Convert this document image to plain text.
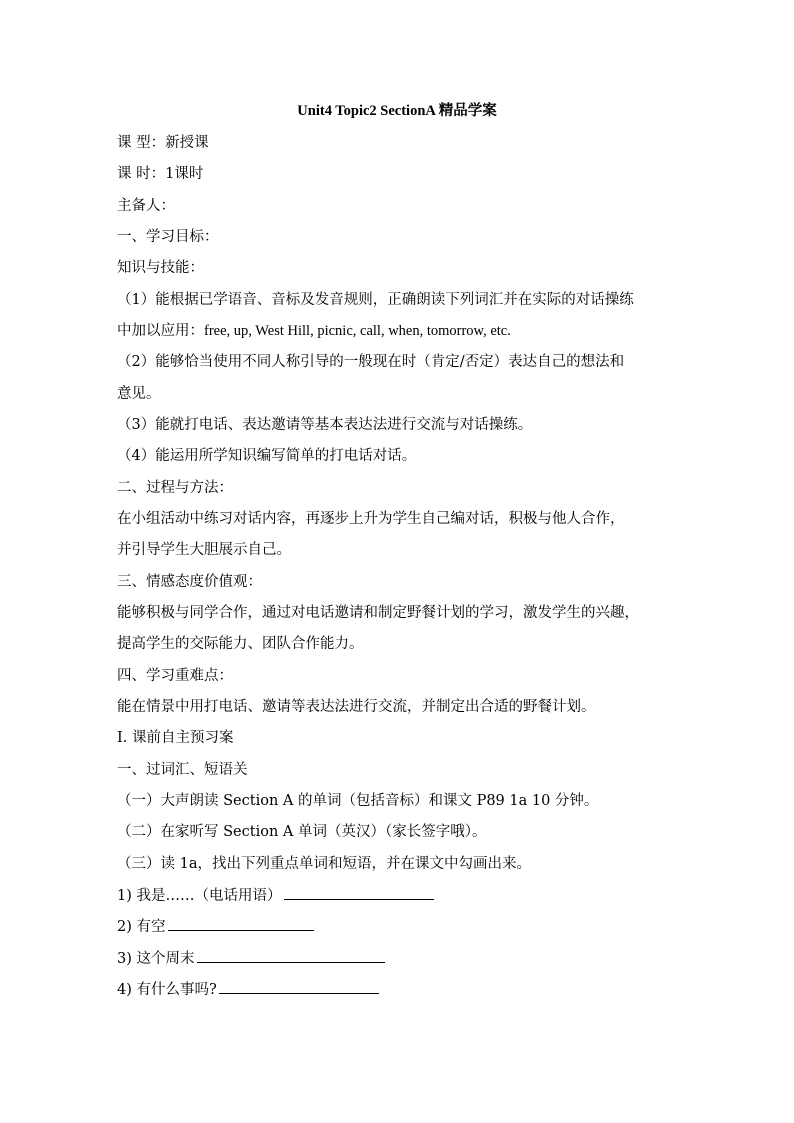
Unit4 Topic2 SectionA 精品学案
课 型：新授课
课 时：1课时
主备人：
一、学习目标：
知识与技能：
（1）能根据已学语音、音标及发音规则，正确朗读下列词汇并在实际的对话操练
中加以应用：free, up, West Hill, picnic, call, when, tomorrow, etc.
（2）能够恰当使用不同人称引导的一般现在时（肯定/否定）表达自己的想法和
意见。
（3）能就打电话、表达邀请等基本表达法进行交流与对话操练。
（4）能运用所学知识编写简单的打电话对话。
二、过程与方法：
在小组活动中练习对话内容，再逐步上升为学生自己编对话，积极与他人合作，
并引导学生大胆展示自己。
三、情感态度价值观：
能够积极与同学合作，通过对电话邀请和制定野餐计划的学习，激发学生的兴趣，
提高学生的交际能力、团队合作能力。
四、学习重难点：
能在情景中用打电话、邀请等表达法进行交流，并制定出合适的野餐计划。
I. 课前自主预习案
一、过词汇、短语关
（一）大声朗读 Section A 的单词（包括音标）和课文 P89 1a 10 分钟。
（二）在家听写 Section A 单词（英汉）（家长签字哦）。
（三）读 1a，找出下列重点单词和短语，并在课文中勾画出来。
1) 我是……（电话用语）
2) 有空
3) 这个周末
4) 有什么事吗?
